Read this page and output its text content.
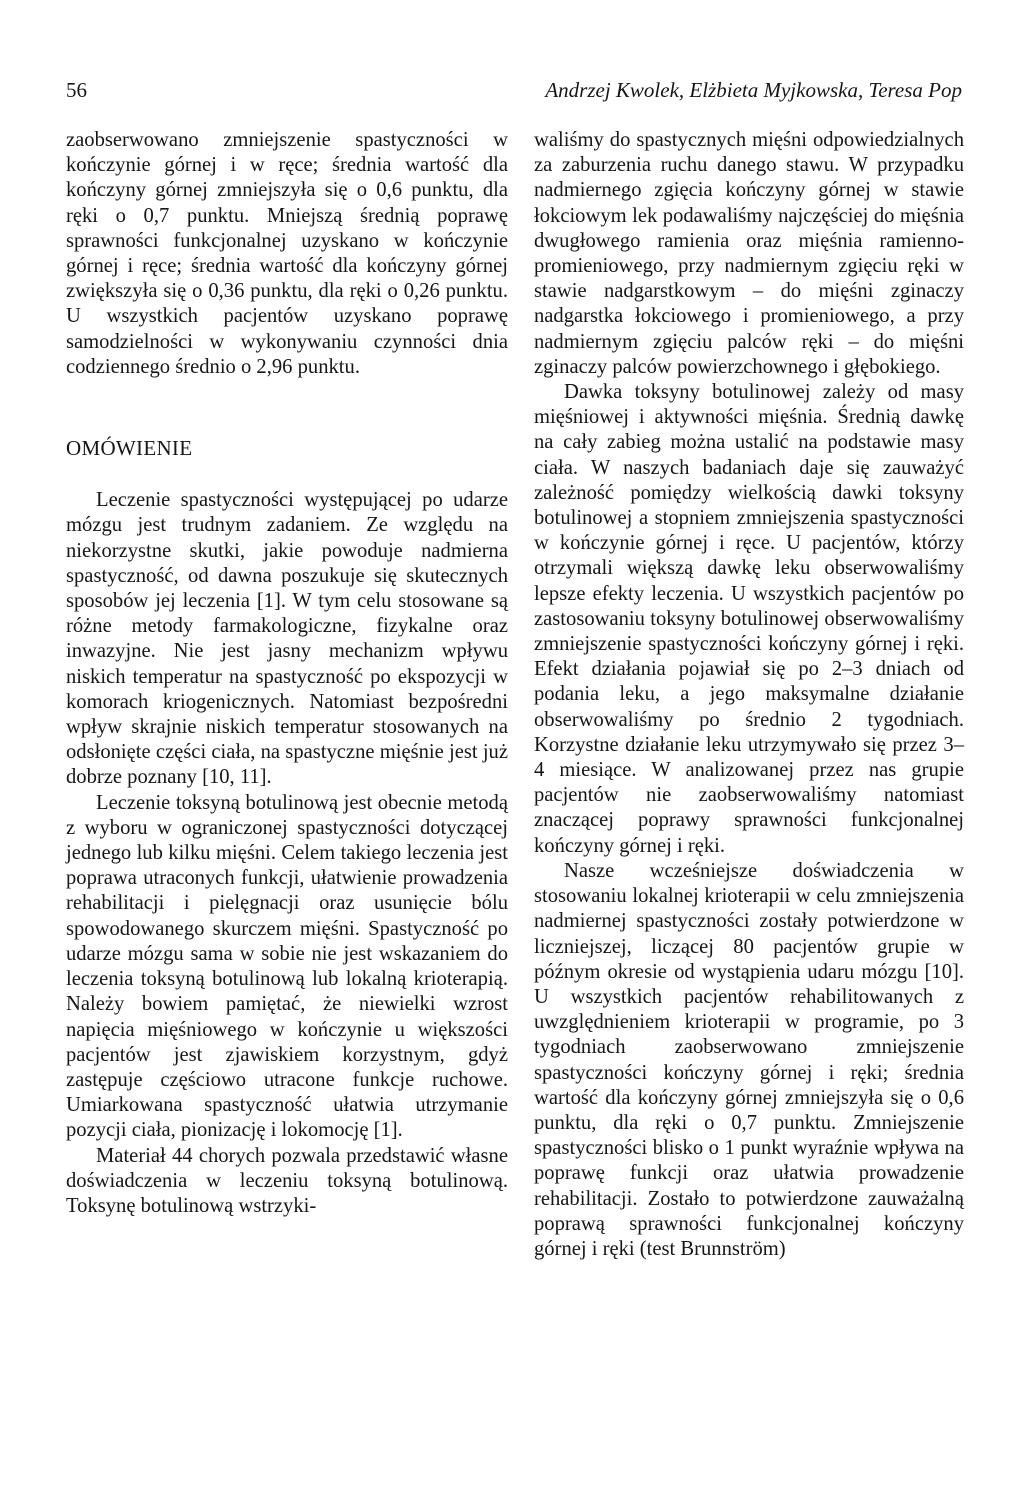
56	Andrzej Kwolek, Elżbieta Myjkowska, Teresa Pop

zaobserwowano zmniejszenie spastyczności w kończynie górnej i w ręce; średnia wartość dla kończyny górnej zmniejszyła się o 0,6 punktu, dla ręki o 0,7 punktu. Mniejszą średnią poprawę sprawności funkcjonalnej uzyskano w kończynie górnej i ręce; średnia wartość dla kończyny górnej zwiększyła się o 0,36 punktu, dla ręki o 0,26 punktu. U wszystkich pacjentów uzyskano poprawę samodzielności w wykonywaniu czynności dnia codziennego średnio o 2,96 punktu.

OMÓWIENIE

Leczenie spastyczności występującej po udarze mózgu jest trudnym zadaniem. Ze względu na niekorzystne skutki, jakie powoduje nadmierna spastyczność, od dawna poszukuje się skutecznych sposobów jej leczenia [1]. W tym celu stosowane są różne metody farmakologiczne, fizykalne oraz inwazyjne. Nie jest jasny mechanizm wpływu niskich temperatur na spastyczność po ekspozycji w komorach kriogenicznych. Natomiast bezpośredni wpływ skrajnie niskich temperatur stosowanych na odsłonięte części ciała, na spastyczne mięśnie jest już dobrze poznany [10, 11].

Leczenie toksyną botulinową jest obecnie metodą z wyboru w ograniczonej spastyczności dotyczącej jednego lub kilku mięśni. Celem takiego leczenia jest poprawa utraconych funkcji, ułatwienie prowadzenia rehabilitacji i pielęgnacji oraz usunięcie bólu spowodowanego skurczem mięśni. Spastyczność po udarze mózgu sama w sobie nie jest wskazaniem do leczenia toksyną botulinową lub lokalną krioterapią. Należy bowiem pamiętać, że niewielki wzrost napięcia mięśniowego w kończynie u większości pacjentów jest zjawiskiem korzystnym, gdyż zastępuje częściowo utracone funkcje ruchowe. Umiarkowana spastyczność ułatwia utrzymanie pozycji ciała, pionizację i lokomocję [1].

Materiał 44 chorych pozwala przedstawić własne doświadczenia w leczeniu toksyną botulinową. Toksynę botulinową wstrzyki-

waliśmy do spastycznych mięśni odpowiedzialnych za zaburzenia ruchu danego stawu. W przypadku nadmiernego zgięcia kończyny górnej w stawie łokciowym lek podawaliśmy najczęściej do mięśnia dwugłowego ramienia oraz mięśnia ramienno-promieniowego, przy nadmiernym zgięciu ręki w stawie nadgarstkowym – do mięśni zginaczy nadgarstka łokciowego i promieniowego, a przy nadmiernym zgięciu palców ręki – do mięśni zginaczy palców powierzchownego i głębokiego.

Dawka toksyny botulinowej zależy od masy mięśniowej i aktywności mięśnia. Średnią dawkę na cały zabieg można ustalić na podstawie masy ciała. W naszych badaniach daje się zauważyć zależność pomiędzy wielkością dawki toksyny botulinowej a stopniem zmniejszenia spastyczności w kończynie górnej i ręce. U pacjentów, którzy otrzymali większą dawkę leku obserwowaliśmy lepsze efekty leczenia. U wszystkich pacjentów po zastosowaniu toksyny botulinowej obserwowaliśmy zmniejszenie spastyczności kończyny górnej i ręki. Efekt działania pojawiał się po 2–3 dniach od podania leku, a jego maksymalne działanie obserwowaliśmy po średnio 2 tygodniach. Korzystne działanie leku utrzymywało się przez 3–4 miesiące. W analizowanej przez nas grupie pacjentów nie zaobserwowaliśmy natomiast znaczącej poprawy sprawności funkcjonalnej kończyny górnej i ręki.

Nasze wcześniejsze doświadczenia w stosowaniu lokalnej krioterapii w celu zmniejszenia nadmiernej spastyczności zostały potwierdzone w liczniejszej, liczącej 80 pacjentów grupie w późnym okresie od wystąpienia udaru mózgu [10]. U wszystkich pacjentów rehabilitowanych z uwzględnieniem krioterapii w programie, po 3 tygodniach zaobserwowano zmniejszenie spastyczności kończyny górnej i ręki; średnia wartość dla kończyny górnej zmniejszyła się o 0,6 punktu, dla ręki o 0,7 punktu. Zmniejszenie spastyczności blisko o 1 punkt wyraźnie wpływa na poprawę funkcji oraz ułatwia prowadzenie rehabilitacji. Zostało to potwierdzone zauważalną poprawą sprawności funkcjonalnej kończyny górnej i ręki (test Brunnström)
